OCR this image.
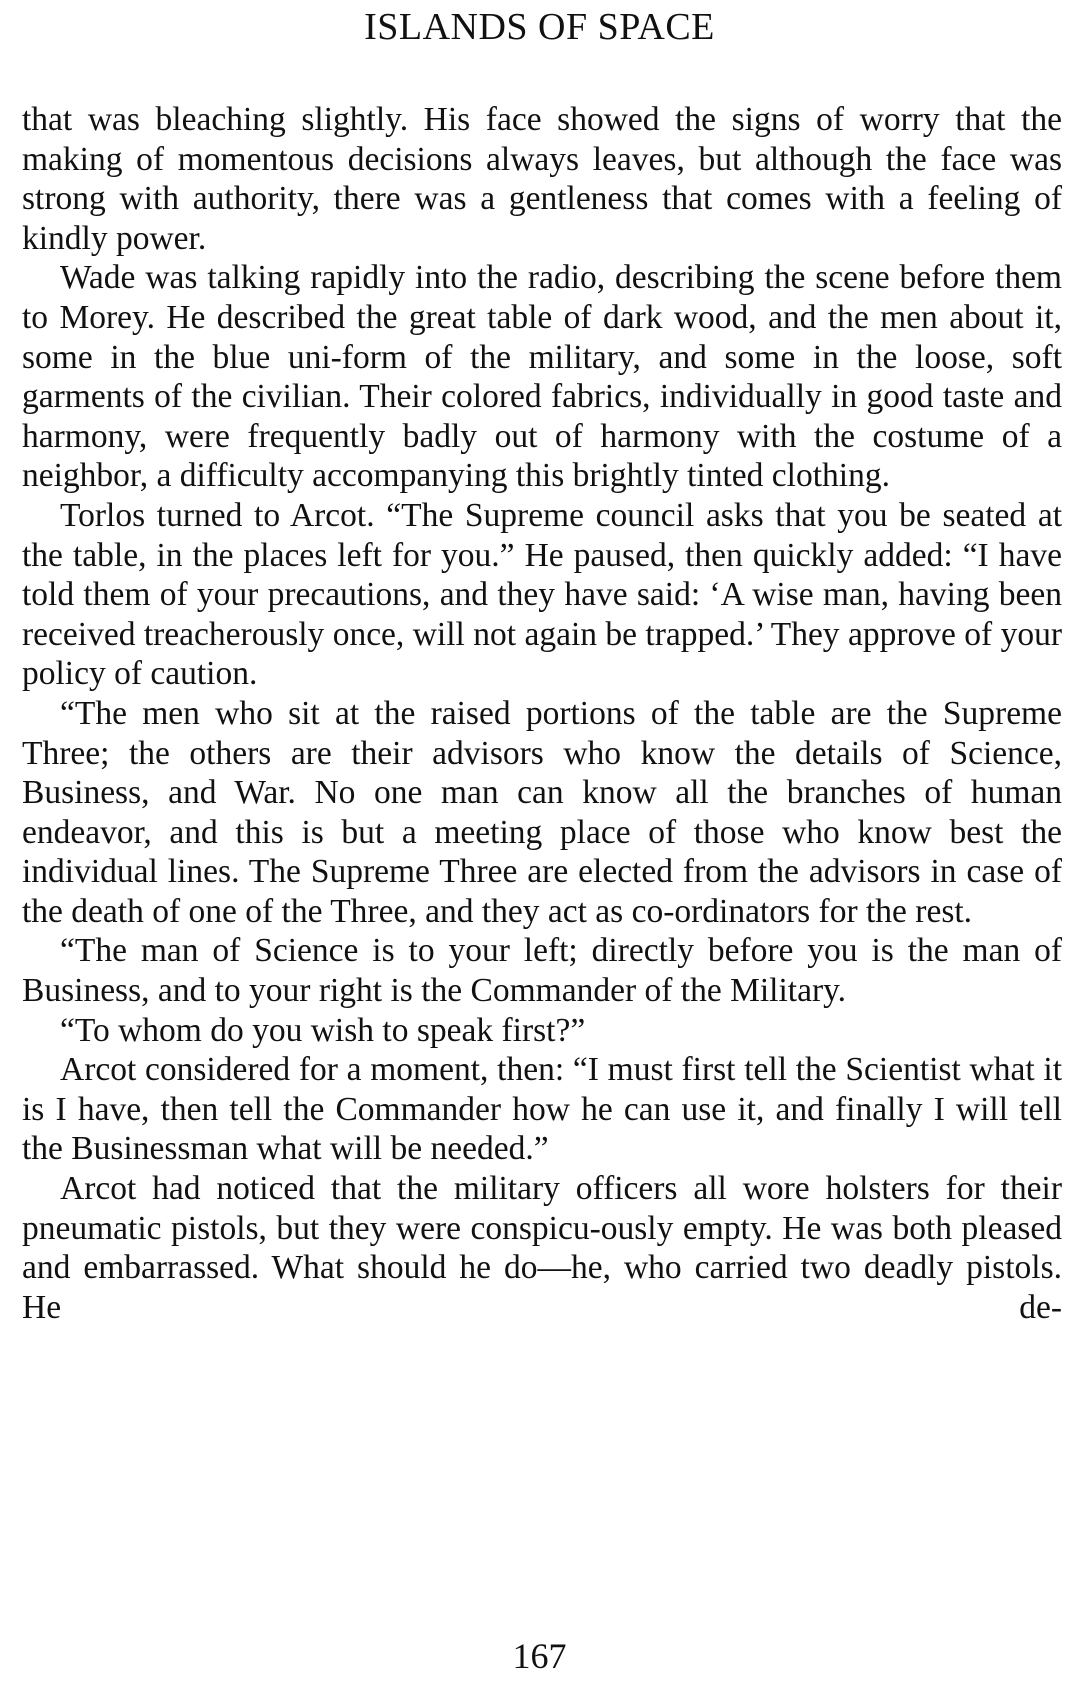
ISLANDS OF SPACE

that was bleaching slightly. His face showed the signs of worry that the making of momentous decisions always leaves, but although the face was strong with authority, there was a gentleness that comes with a feeling of kindly power.

Wade was talking rapidly into the radio, describing the scene before them to Morey. He described the great table of dark wood, and the men about it, some in the blue uni-form of the military, and some in the loose, soft garments of the civilian. Their colored fabrics, individually in good taste and harmony, were frequently badly out of harmony with the costume of a neighbor, a difficulty accompanying this brightly tinted clothing.

Torlos turned to Arcot. “The Supreme council asks that you be seated at the table, in the places left for you.” He paused, then quickly added: “I have told them of your precautions, and they have said: ‘A wise man, having been received treacherously once, will not again be trapped.’ They approve of your policy of caution.

“The men who sit at the raised portions of the table are the Supreme Three; the others are their advisors who know the details of Science, Business, and War. No one man can know all the branches of human endeavor, and this is but a meeting place of those who know best the individual lines. The Supreme Three are elected from the advisors in case of the death of one of the Three, and they act as co-ordinators for the rest.

“The man of Science is to your left; directly before you is the man of Business, and to your right is the Commander of the Military.

“To whom do you wish to speak first?”

Arcot considered for a moment, then: “I must first tell the Scientist what it is I have, then tell the Commander how he can use it, and finally I will tell the Businessman what will be needed.”

Arcot had noticed that the military officers all wore holsters for their pneumatic pistols, but they were conspicu-ously empty. He was both pleased and embarrassed. What should he do—he, who carried two deadly pistols. He de-

167
